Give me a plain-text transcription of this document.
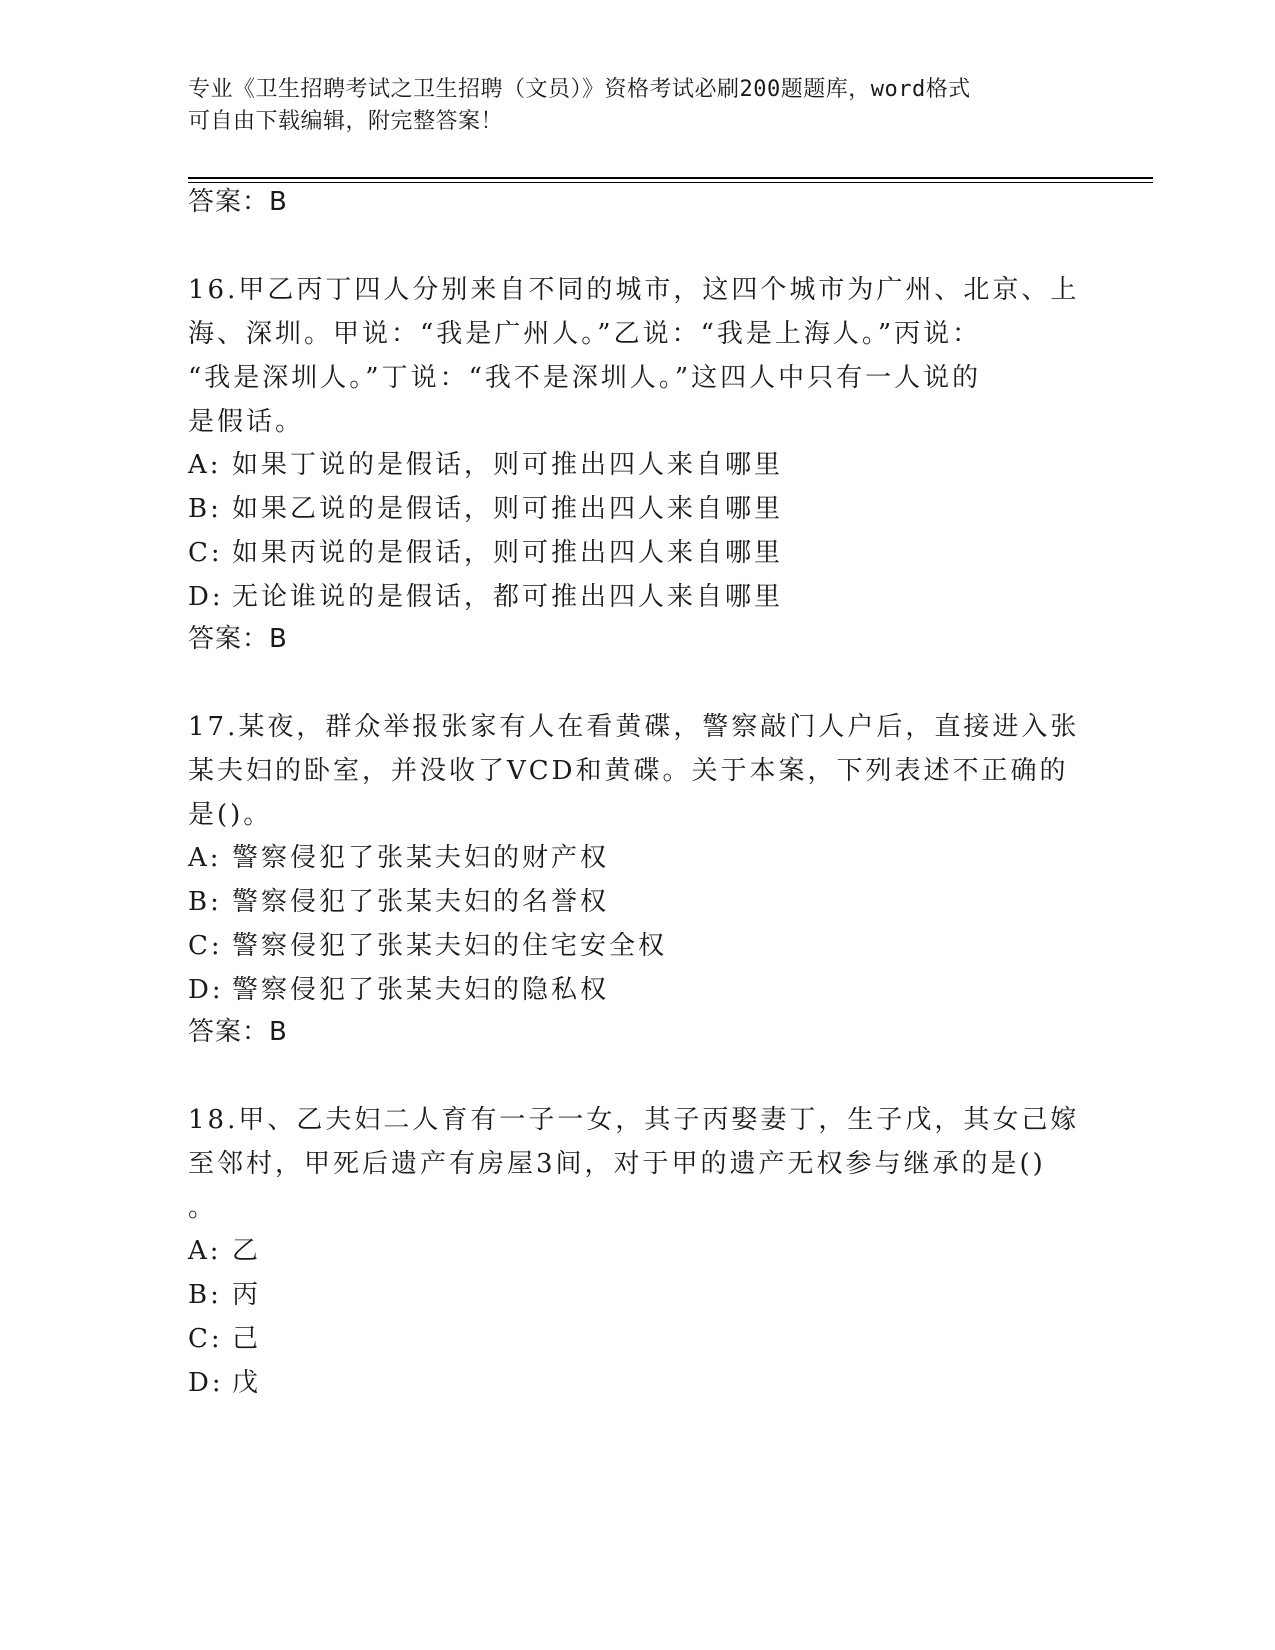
专业《卫生招聘考试之卫生招聘（文员）》资格考试必刷200题题库，word格式
可自由下载编辑，附完整答案！
答案：B
16.甲乙丙丁四人分别来自不同的城市，这四个城市为广州、北京、上
海、深圳。甲说：“我是广州人。”乙说：“我是上海人。”丙说：
“我是深圳人。”丁说：“我不是深圳人。”这四人中只有一人说的
是假话。
A: 如果丁说的是假话，则可推出四人来自哪里
B: 如果乙说的是假话，则可推出四人来自哪里
C: 如果丙说的是假话，则可推出四人来自哪里
D: 无论谁说的是假话，都可推出四人来自哪里
答案：B
17.某夜，群众举报张家有人在看黄碟，警察敲门人户后，直接进入张
某夫妇的卧室，并没收了VCD和黄碟。关于本案，下列表述不正确的
是()。
A: 警察侵犯了张某夫妇的财产权
B: 警察侵犯了张某夫妇的名誉权
C: 警察侵犯了张某夫妇的住宅安全权
D: 警察侵犯了张某夫妇的隐私权
答案：B
18.甲、乙夫妇二人育有一子一女，其子丙娶妻丁，生子戊，其女己嫁
至邻村，甲死后遗产有房屋3间，对于甲的遗产无权参与继承的是()
。
A: 乙
B: 丙
C: 己
D: 戊
